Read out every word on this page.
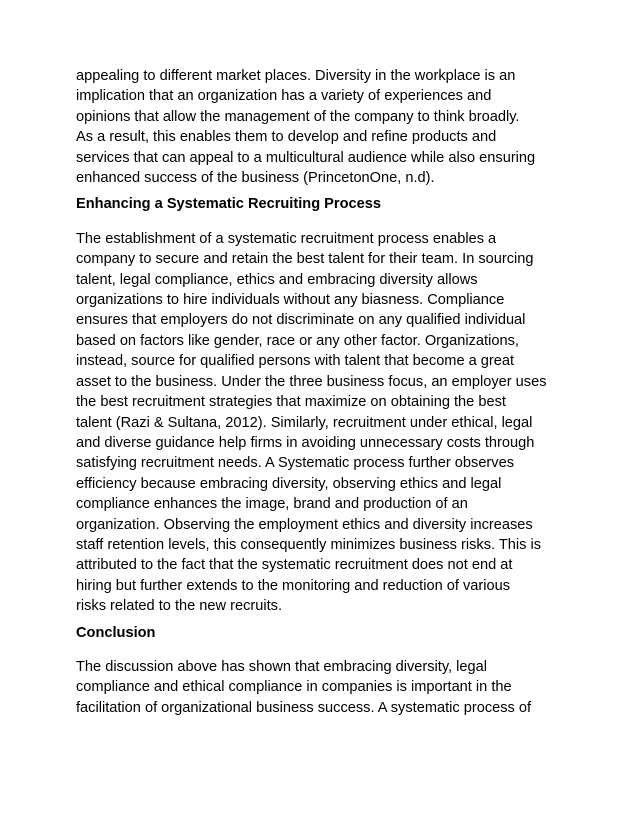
appealing to different market places. Diversity in the workplace is an
implication that an organization has a variety of experiences and
opinions that allow the management of the company to think broadly.
As a result, this enables them to develop and refine products and
services that can appeal to a multicultural audience while also ensuring
enhanced success of the business (PrincetonOne, n.d).

Enhancing a Systematic Recruiting Process

The establishment of a systematic recruitment process enables a
company to secure and retain the best talent for their team. In sourcing
talent, legal compliance, ethics and embracing diversity allows
organizations to hire individuals without any biasness. Compliance
ensures that employers do not discriminate on any qualified individual
based on factors like gender, race or any other factor. Organizations,
instead, source for qualified persons with talent that become a great
asset to the business. Under the three business focus, an employer uses
the best recruitment strategies that maximize on obtaining the best
talent (Razi & Sultana, 2012). Similarly, recruitment under ethical, legal
and diverse guidance help firms in avoiding unnecessary costs through
satisfying recruitment needs. A Systematic process further observes
efficiency because embracing diversity, observing ethics and legal
compliance enhances the image, brand and production of an
organization. Observing the employment ethics and diversity increases
staff retention levels, this consequently minimizes business risks. This is
attributed to the fact that the systematic recruitment does not end at
hiring but further extends to the monitoring and reduction of various
risks related to the new recruits.

Conclusion

The discussion above has shown that embracing diversity, legal
compliance and ethical compliance in companies is important in the
facilitation of organizational business success. A systematic process of
